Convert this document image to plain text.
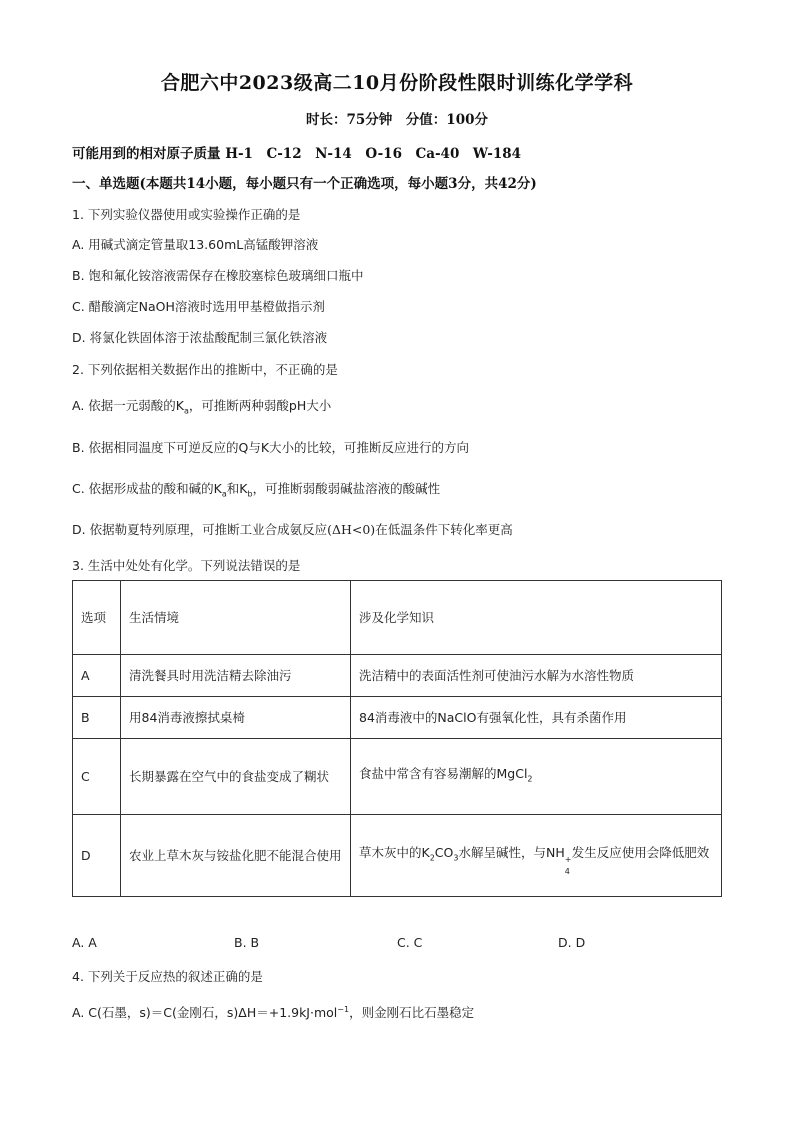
合肥六中2023级高二10月份阶段性限时训练化学学科
时长：75分钟　分值：100分
可能用到的相对原子质量 H-1　C-12　N-14　O-16　Ca-40　W-184
一、单选题(本题共14小题，每小题只有一个正确选项，每小题3分，共42分)
1. 下列实验仪器使用或实验操作正确的是
A. 用碱式滴定管量取13.60mL高锰酸钾溶液
B. 饱和氟化铵溶液需保存在橡胶塞棕色玻璃细口瓶中
C. 醋酸滴定NaOH溶液时选用甲基橙做指示剂
D. 将氯化铁固体溶于浓盐酸配制三氯化铁溶液
2. 下列依据相关数据作出的推断中，不正确的是
A. 依据一元弱酸的$K_a$，可推断两种弱酸pH大小
B. 依据相同温度下可逆反应的Q与K大小的比较，可推断反应进行的方向
C. 依据形成盐的酸和碱的$K_a$和$K_b$，可推断弱酸弱碱盐溶液的酸碱性
D. 依据勒夏特列原理，可推断工业合成氨反应(ΔH<0)在低温条件下转化率更高
3. 生活中处处有化学。下列说法错误的是
选项	生活情境	涉及化学知识
A	清洗餐具时用洗洁精去除油污	洗洁精中的表面活性剂可使油污水解为水溶性物质
B	用84消毒液擦拭桌椅	84消毒液中的NaClO有强氧化性，具有杀菌作用
C	长期暴露在空气中的食盐变成了糊状	食盐中常含有容易潮解的MgCl$_2$
D	农业上草木灰与铵盐化肥不能混合使用	草木灰中的$K_2CO_3$水解呈碱性，与NH +
4
发生反应使用会降低肥效
A. A	B. B	C. C	D. D
4. 下列关于反应热的叙述正确的是
A. C(石墨，s)＝C(金刚石，s)ΔH＝+1.9kJ·mol$^{-1}$，则金刚石比石墨稳定
